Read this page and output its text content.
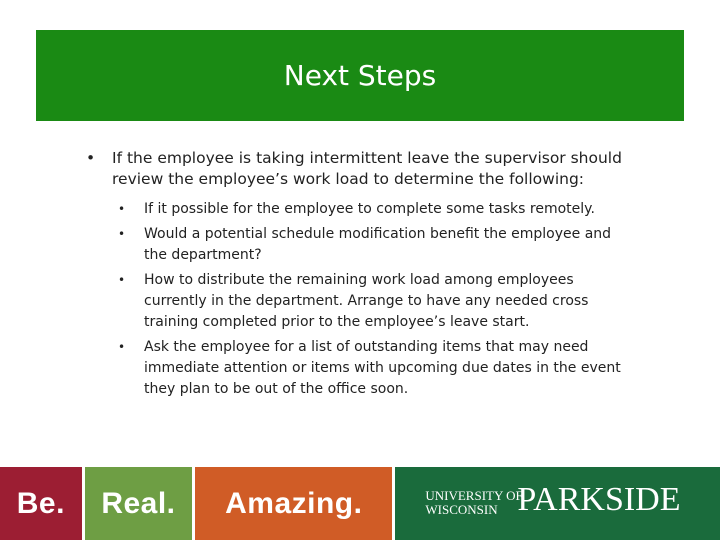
Next Steps
• If the employee is taking intermittent leave the supervisor should review the employee’s work load to determine the following:
• If it possible for the employee to complete some tasks remotely.
• Would a potential schedule modification benefit the employee and the department?
• How to distribute the remaining work load among employees currently in the department. Arrange to have any needed cross training completed prior to the employee’s leave start.
• Ask the employee for a list of outstanding items that may need immediate attention or items with upcoming due dates in the event they plan to be out of the office soon.
Be. Real. Amazing.	UNIVERSITY OF
WISCONSIN PARKSIDE
